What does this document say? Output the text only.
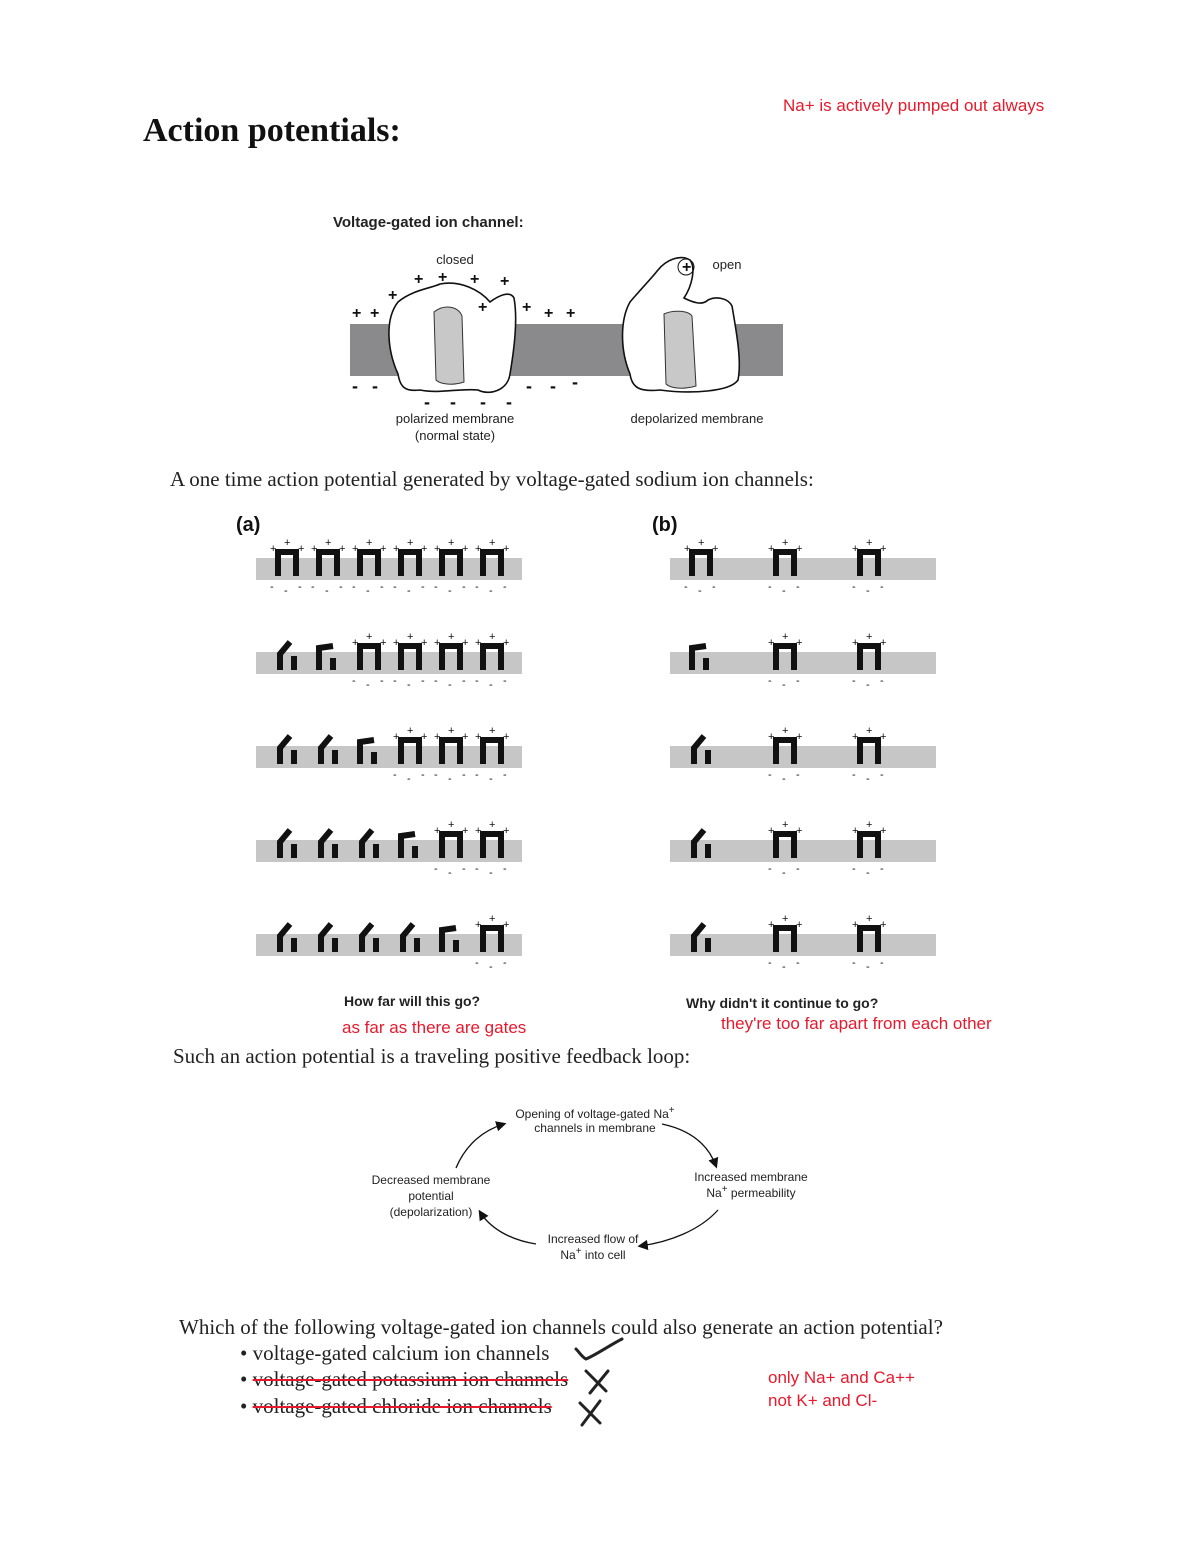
Na+ is actively pumped out always
Action potentials:
Voltage-gated ion channel:
+ +
+
+ + + +
+ + + +
+
- -
- - - -
- - -
closed	open
polarized membrane
(normal state)
depolarized membrane
A one time action potential generated by voltage-gated sodium ion channels:
(a)	(b)
+ +
+
- - -
+ +
+
- - -
+ +
+
- - -
+ +
+
- - -
+ +
+
- - -
+ +
+
- - -
+ +
+
- - -
+ +
+
- - -
+ +
+
- - -
+ +
+
- - -
+ +
+
- - -
+ +
+
- - -
+ +
+
- - -
+ +
+
- - -
+ +
+
- - -
+ +
+
- - -
+ +
+
- - -
+ +
+
- - -
+ +
+
- - -
+ +
+
- - -
+ +
+
- - -
+ +
+
- - -
+ +
+
- - -
+ +
+
- - -
+ +
+
- - -
+ +
+
- - -
+ +
+
- - -
How far will this go?	Why didn't it continue to go?
as far as there are gates	they're too far apart from each other
Such an action potential is a traveling positive feedback loop:
Opening of voltage-gated Na+
channels in membrane
Increased membrane
Na+ permeability
Increased flow of
Na+ into cell
Decreased membrane
potential
(depolarization)
Which of the following voltage-gated ion channels could also generate an action potential?
• voltage-gated calcium ion channels
• voltage-gated potassium ion channels
• voltage-gated chloride ion channels
only Na+ and Ca++
not K+ and Cl-
